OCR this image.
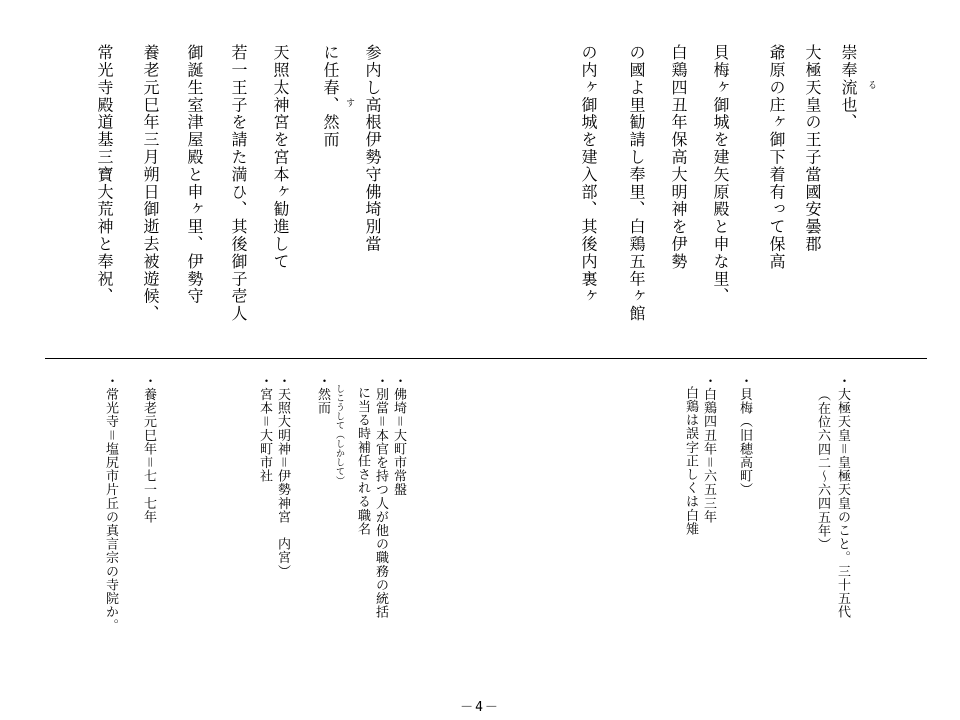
る
崇奉流也、
大極天皇の王子當國安曇郡
爺原の庄ヶ御下着有って保高
貝梅ヶ御城を建矢原殿と申な里、
白鶏四丑年保高大明神を伊勢
の國よ里勧請し奉里、白鶏五年ヶ館
の内ヶ御城を建入部、其後内裏ヶ
参内し高根伊勢守佛埼別當
す
に任春、然而
天照太神宮を宮本ヶ勧進して
若一王子を請た満ひ、其後御子壱人
御誕生室津屋殿と申ヶ里、伊勢守
養老元巳年三月朔日御逝去被遊候、
常光寺殿道基三寶大荒神と奉祝、
・大極天皇＝皇極天皇のこと。三十五代
（在位六四二〜六四五年）
・貝梅（旧穂高町）
・白鶏四丑年＝六五三年
白鶏は誤字正しくは白雉
・佛埼＝大町市常盤
・別當＝本官を持つ人が他の職務の統括
に当る時補任される職名
・然而 しこうして（しかして）
・天照大明神＝伊勢神宮　内宮）
・宮本＝大町市社
・養老元巳年＝七一七年
・常光寺＝塩尻市片丘の真言宗の寺院か。
－4－
